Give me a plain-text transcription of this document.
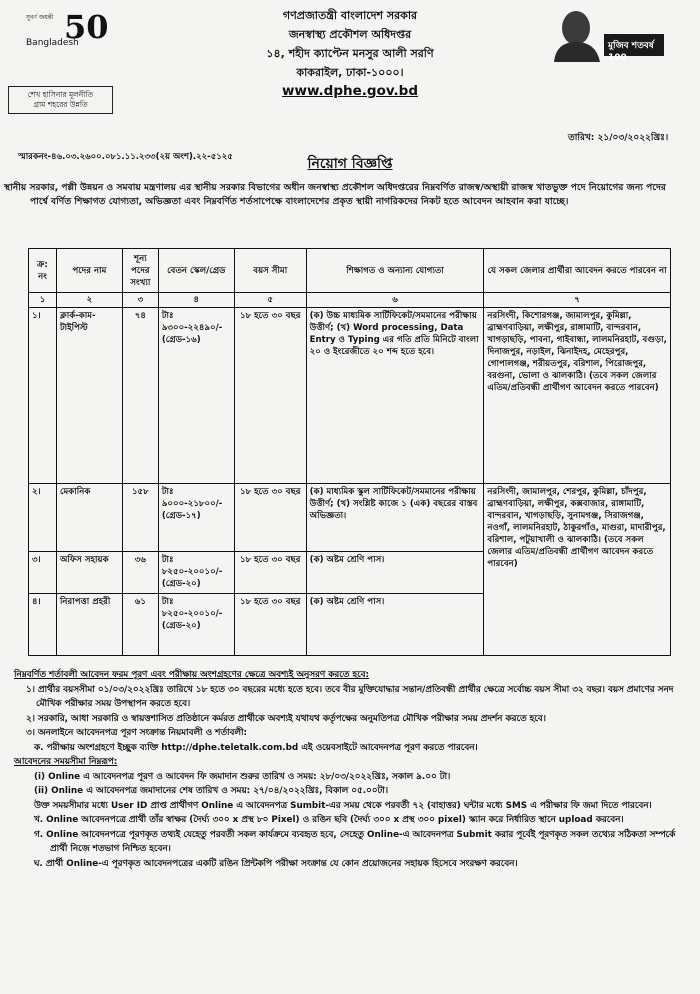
সুবর্ণ জয়ন্তী
Bangladesh
50
শেখ হাসিনার মূলনীতি
গ্রাম শহরের উন্নতি
গণপ্রজাতন্ত্রী বাংলাদেশ সরকার
জনস্বাস্থ্য প্রকৌশল অধিদপ্তর
১৪, শহীদ ক্যাপ্টেন মনসুর আলী সরণি
কাকরাইল, ঢাকা-১০০০।
www.dphe.gov.bd
মুজিব শতবর্ষ 100
তারিখ: ২১/০৩/২০২২খ্রিঃ।
স্মারকনং-৪৬.০৩.২৬০০.০৮১.১১.২৩৩(২য় অংশ).২২-৫১২৫	নিয়োগ বিজ্ঞপ্তি
স্থানীয় সরকার, পল্লী উন্নয়ন ও সমবায় মন্ত্রণালয় এর স্থানীয় সরকার বিভাগের অধীন জনস্বাস্থ্য প্রকৌশল অধিদপ্তরের নিম্নবর্ণিত রাজস্ব/অস্থায়ী রাজস্ব খাতভুক্ত পদে নিয়োগের জন্য পদের পার্শ্বে বর্ণিত শিক্ষাগত যোগ্যতা, অভিজ্ঞতা এবং নিম্নবর্ণিত শর্তসাপেক্ষে বাংলাদেশের প্রকৃত স্থায়ী নাগরিকদের নিকট হতে আবেদন আহবান করা যাচ্ছে।
ক্র: নং	পদের নাম	শূন্য পদের সংখ্যা	বেতন স্কেল/গ্রেড	বয়স সীমা	শিক্ষাগত ও অন্যান্য যোগ্যতা	যে সকল জেলার প্রার্থীরা আবেদন করতে পারবেন না
১	২	৩	৪	৫	৬	৭
১।	ক্লার্ক-কাম-টাইপিস্ট	৭৪	টাঃ ৯৩০০-২২৪৯০/- (গ্রেড-১৬)	১৮ হতে ৩০ বছর	(ক) উচ্চ মাধ্যমিক সার্টিফিকেট/সমমানের পরীক্ষায় উত্তীর্ণ; (খ) Word processing, Data Entry ও Typing এর গতি প্রতি মিনিটে বাংলা ২০ ও ইংরেজীতে ২০ শব্দ হতে হবে।	নরসিংদী, কিশোরগঞ্জ, জামালপুর, কুমিল্লা, ব্রাহ্মণবাড়িয়া, লক্ষীপুর, রাঙ্গামাটি, বান্দরবান, খাগড়াছড়ি, পাবনা, গাইবান্ধা, লালমনিরহাট, বগুড়া, দিনাজপুর, নড়াইল, ঝিনাইদহ, মেহেরপুর, গোপালগঞ্জ, শরীয়তপুর, বরিশাল, পিরোজপুর, বরগুনা, ভোলা ও ঝালকাঠি। (তবে সকল জেলার এতিম/প্রতিবন্ধী প্রার্থীগণ আবেদন করতে পারবেন)
২।	মেকানিক	১৫৮	টাঃ ৯০০০-২১৮০০/- (গ্রেড-১৭)	১৮ হতে ৩০ বছর	(ক) মাধ্যমিক স্কুল সার্টিফিকেট/সমমানের পরীক্ষায় উত্তীর্ণ; (খ) সংশ্লিষ্ট কাজে ১ (এক) বছরের বাস্তব অভিজ্ঞতা।	নরসিংদী, জামালপুর, শেরপুর, কুমিল্লা, চাঁদপুর, ব্রাহ্মণবাড়িয়া, লক্ষীপুর, কক্সবাজার, রাঙ্গামাটি, বান্দরবান, খাগড়াছড়ি, সুনামগঞ্জ, সিরাজগঞ্জ, নওগাঁ, লালমনিরহাট, ঠাকুরগাঁও, মাগুরা, মাদারীপুর, বরিশাল, পটুয়াখালী ও ঝালকাঠি। (তবে সকল জেলার এতিম/প্রতিবন্ধী প্রার্থীগণ আবেদন করতে পারবেন)
৩।	অফিস সহায়ক	৩৬	টাঃ ৮২৫০-২০০১০/- (গ্রেড-২০)	১৮ হতে ৩০ বছর	(ক) অষ্টম শ্রেণি পাস।	
৪।	নিরাপত্তা প্রহরী	৬১	টাঃ ৮২৫০-২০০১০/- (গ্রেড-২০)	১৮ হতে ৩০ বছর	(ক) অষ্টম শ্রেণি পাস।	

নিম্নবর্ণিত শর্তাবলী আবেদন ফরম পূরণ এবং পরীক্ষায় অংশগ্রহণের ক্ষেত্রে অবশ্যই অনুসরণ করতে হবে:

১। প্রার্থীর বয়সসীমা ০১/০৩/২০২২খ্রিঃ তারিখে ১৮ হতে ৩০ বছরের মধ্যে হতে হবে। তবে বীর মুক্তিযোদ্ধার সন্তান/প্রতিবন্ধী প্রার্থীর ক্ষেত্রে সর্বোচ্চ বয়স সীমা ৩২ বছর। বয়স প্রমাণের সনদ মৌখিক পরীক্ষার সময় উপস্থাপন করতে হবে।

২। সরকারি, আধা সরকারি ও স্বায়ত্তশাসিত প্রতিষ্ঠানে কর্মরত প্রার্থীকে অবশ্যই যথাযথ কর্তৃপক্ষের অনুমতিপত্র মৌখিক পরীক্ষার সময় প্রদর্শন করতে হবে।

৩। অনলাইনে আবেদনপত্র পূরণ সংক্রান্ত নিয়মাবলী ও শর্তাবলী:

ক. পরীক্ষায় অংশগ্রহণে ইচ্ছুক ব্যক্তি http://dphe.teletalk.com.bd এই ওয়েবসাইটে আবেদনপত্র পূরণ করতে পারবেন।

আবেদনের সময়সীমা নিম্নরূপ:

(i) Online এ আবেদনপত্র পূরণ ও আবেদন ফি জমাদান শুরুর তারিখ ও সময়: ২৮/০৩/২০২২খ্রিঃ, সকাল ৯.০০ টা।

(ii) Online এ আবেদনপত্র জমাদানের শেষ তারিখ ও সময়: ২৭/০৪/২০২২খ্রিঃ, বিকাল ০৫.০০টা।

উক্ত সময়সীমার মধ্যে User ID প্রাপ্ত প্রার্থীগণ Online এ আবেদনপত্র Sumbit-এর সময় থেকে পরবর্তী ৭২ (বাহাত্তর) ঘন্টার মধ্যে SMS এ পরীক্ষার ফি জমা দিতে পারবেন।

খ. Online আবেদনপত্রে প্রার্থী তাঁর স্বাক্ষর (দৈর্ঘ্য ৩০০ x প্রস্থ ৮০ Pixel) ও রঙিন ছবি (দৈর্ঘ্য ৩০০ x প্রস্থ ৩০০ pixel) স্ক্যান করে নির্ধারিত স্থানে upload করবেন।

গ. Online আবেদনপত্রে পূরণকৃত তথ্যই যেহেতু পরবর্তী সকল কার্যক্রমে ব্যবহৃত হবে, সেহেতু Online-এ আবেদনপত্র Submit করার পূর্বেই পূরণকৃত সকল তথ্যের সঠিকতা সম্পর্কে প্রার্থী নিজে শতভাগ নিশ্চিত হবেন।

ঘ. প্রার্থী Online-এ পূরণকৃত আবেদনপত্রের একটি রঙিন প্রিন্টকপি পরীক্ষা সংক্রান্ত যে কোন প্রয়োজনের সহায়ক হিসেবে সংরক্ষণ করবেন।
